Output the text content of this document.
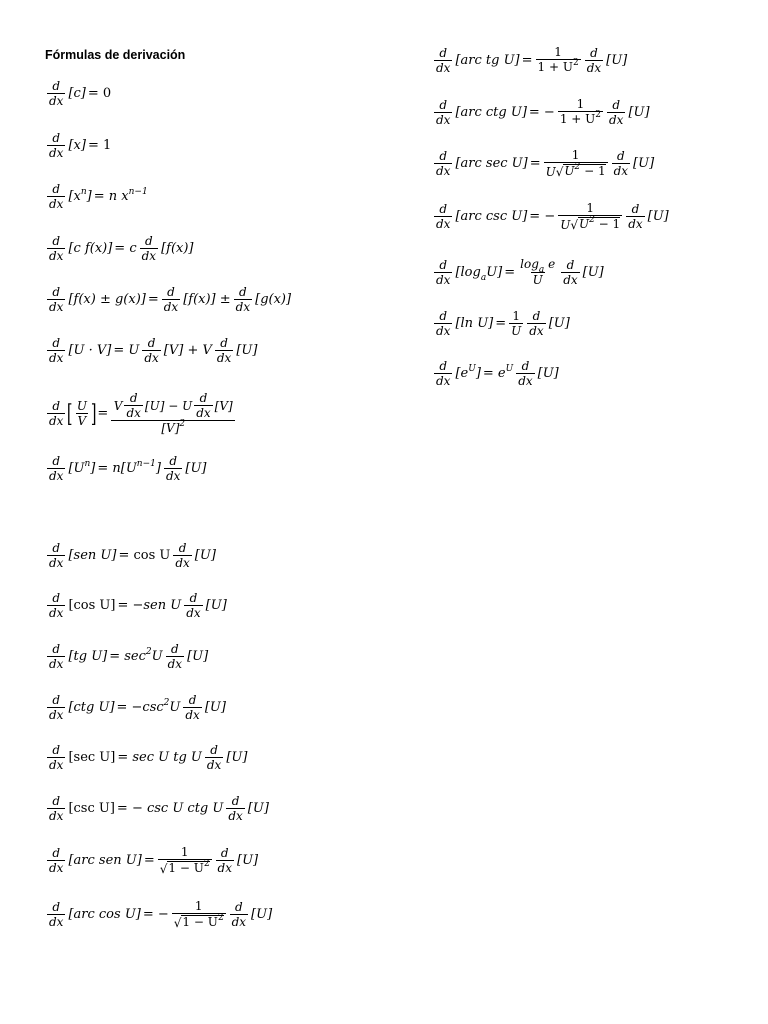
Fórmulas de derivación
$\frac{d}{dx} [c] = 0$
$\frac{d}{dx} [x] = 1$
$\frac{d}{dx} [x^n] = n$ $x^{n-1}$
$\frac{d}{dx} [c$ f(x)] = c $\frac{d}{dx} [f(x)]$
$\frac{d}{dx} [f(x) \pm g(x)] = \frac{d}{dx} [f(x)] \pm \frac{d}{dx} [g(x)]$
$\frac{d}{dx} [U \cdot V] = U \frac{d}{dx} [V] + V \frac{d}{dx} [U]$
$\frac{d}{dx}$ [ $\frac{U}{V}$ ] = $\frac{V \frac{d}{dx} [U] - U \frac{d}{dx} [V]}{[V]^2}$
$\frac{d}{dx} [U^n] = n[U^{n-1}] \frac{d}{dx} [U]$
$\frac{d}{dx} [sen$ U] = cos U $\frac{d}{dx} [U]$
$\frac{d}{dx} [\cos$ U] = −sen U $\frac{d}{dx} [U]$
$\frac{d}{dx} [tg$ $U] = \sec^2U \frac{d}{dx} [U]$
$\frac{d}{dx} [ctg$ $U] = -\csc^2U \frac{d}{dx} [U]$
$\frac{d}{dx} [\sec$ U] = sec U tg U $\frac{d}{dx} [U]$
$\frac{d}{dx} [\csc$ U] = − csc U ctg U $\frac{d}{dx} [U]$
$\frac{d}{dx} [arc$ sen $U] = \frac{1}{√ 1 - U^2} \frac{d}{dx} [U]$
$\frac{d}{dx} [arc$ cos U] = − $\frac{1}{√ 1 - U^2} \frac{d}{dx} [U]$
$\frac{d}{dx} [arc$ tg $U] = \frac{1}{1 + U^2} \frac{d}{dx} [U]$
$\frac{d}{dx} [arc$ ctg U] = − $\frac{1}{1 + U^2} \frac{d}{dx} [U]$
$\frac{d}{dx} [arc$ $\sec U] = \frac{1}{U √ U^2 - 1} \frac{d}{dx} [U]$
$\frac{d}{dx} [arc$ csc U] = − $\frac{1}{U √ U^2 - 1} \frac{d}{dx} [U]$
$\frac{d}{dx} [\log_aU] = \frac{\log_a e}{U} \frac{d}{dx} [U]$
$\frac{d}{dx} [\ln$ $U] = \frac{1}{U} \frac{d}{dx} [U]$
$\frac{d}{dx} [e^U] = e^U \frac{d}{dx} [U]$
